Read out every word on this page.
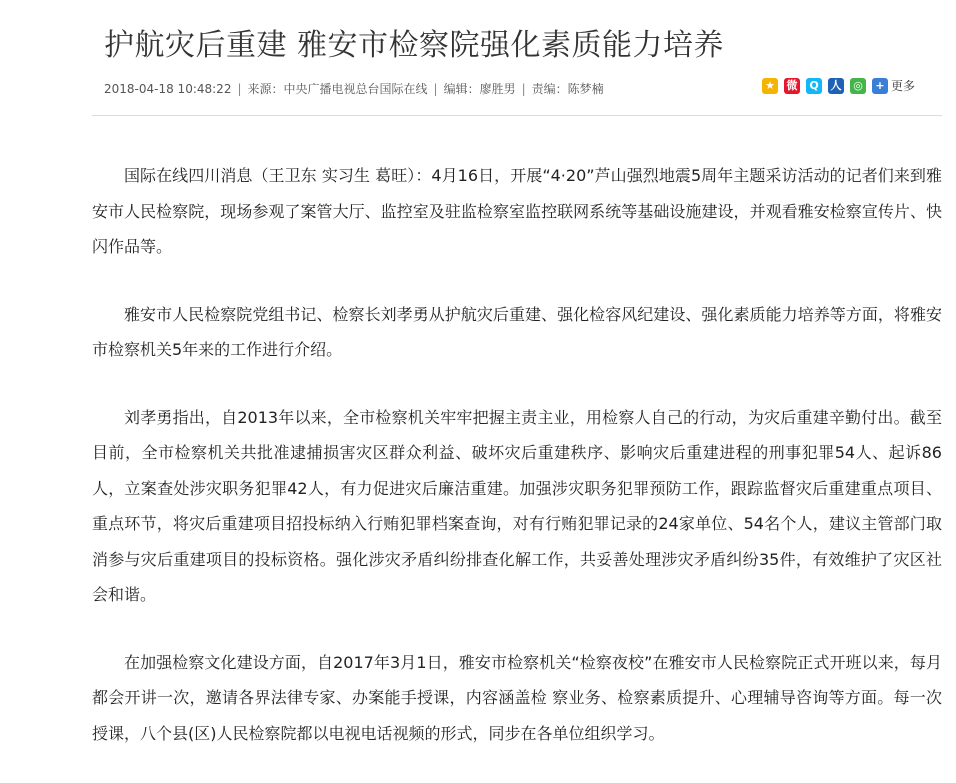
护航灾后重建 雅安市检察院强化素质能力培养
2018-04-18 10:48:22 | 来源：中央广播电视总台国际在线 | 编辑：廖胜男 | 责编：陈梦楠	★ 微	Q	人 ◎	+ 更多

国际在线四川消息（王卫东 实习生 葛旺）：4月16日，开展“4·20”芦山强烈地震5周年主题采访活动的记者们来到雅安市人民检察院，现场参观了案管大厅、监控室及驻监检察室监控联网系统等基础设施建设，并观看雅安检察宣传片、快闪作品等。

雅安市人民检察院党组书记、检察长刘孝勇从护航灾后重建、强化检容风纪建设、强化素质能力培养等方面，将雅安市检察机关5年来的工作进行介绍。

刘孝勇指出，自2013年以来，全市检察机关牢牢把握主责主业，用检察人自己的行动，为灾后重建辛勤付出。截至目前，全市检察机关共批准逮捕损害灾区群众利益、破坏灾后重建秩序、影响灾后重建进程的刑事犯罪54人、起诉86人，立案查处涉灾职务犯罪42人，有力促进灾后廉洁重建。加强涉灾职务犯罪预防工作，跟踪监督灾后重建重点项目、重点环节，将灾后重建项目招投标纳入行贿犯罪档案查询，对有行贿犯罪记录的24家单位、54名个人，建议主管部门取消参与灾后重建项目的投标资格。强化涉灾矛盾纠纷排查化解工作，共妥善处理涉灾矛盾纠纷35件，有效维护了灾区社会和谐。

在加强检察文化建设方面，自2017年3月1日，雅安市检察机关“检察夜校”在雅安市人民检察院正式开班以来，每月都会开讲一次，邀请各界法律专家、办案能手授课，内容涵盖检 察业务、检察素质提升、心理辅导咨询等方面。每一次授课，八个县(区)人民检察院都以电视电话视频的形式，同步在各单位组织学习。
